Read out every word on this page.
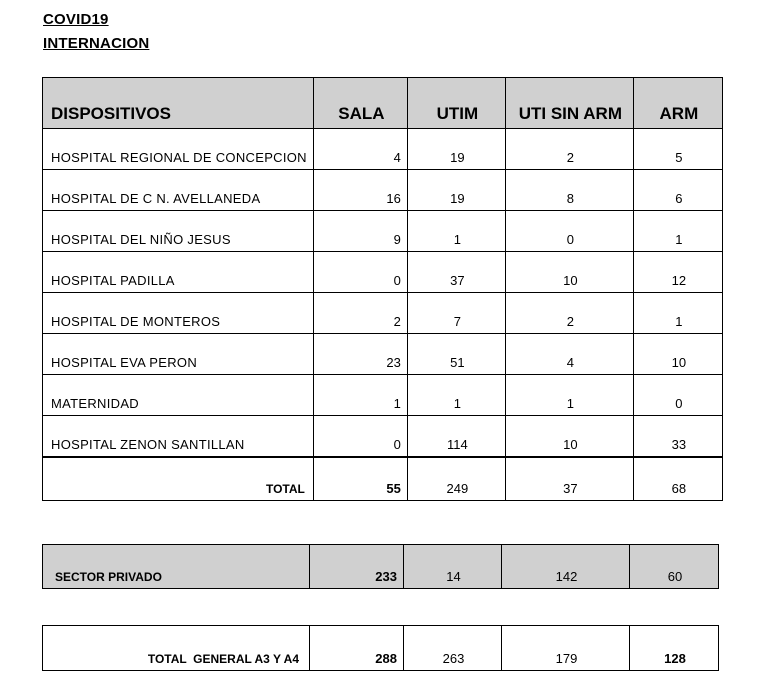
COVID19
INTERNACION
DISPOSITIVOS	SALA	UTIM	UTI SIN ARM	ARM
HOSPITAL REGIONAL DE CONCEPCION	4	19	2	5
HOSPITAL DE C N. AVELLANEDA	16	19	8	6
HOSPITAL DEL NIÑO JESUS	9	1	0	1
HOSPITAL PADILLA	0	37	10	12
HOSPITAL DE MONTEROS	2	7	2	1
HOSPITAL EVA PERON	23	51	4	10
MATERNIDAD	1	1	1	0
HOSPITAL ZENON SANTILLAN	0	114	10	33
TOTAL	55	249	37	68
SECTOR PRIVADO	233	14	142	60
TOTAL  GENERAL A3 Y A4	288	263	179	128
